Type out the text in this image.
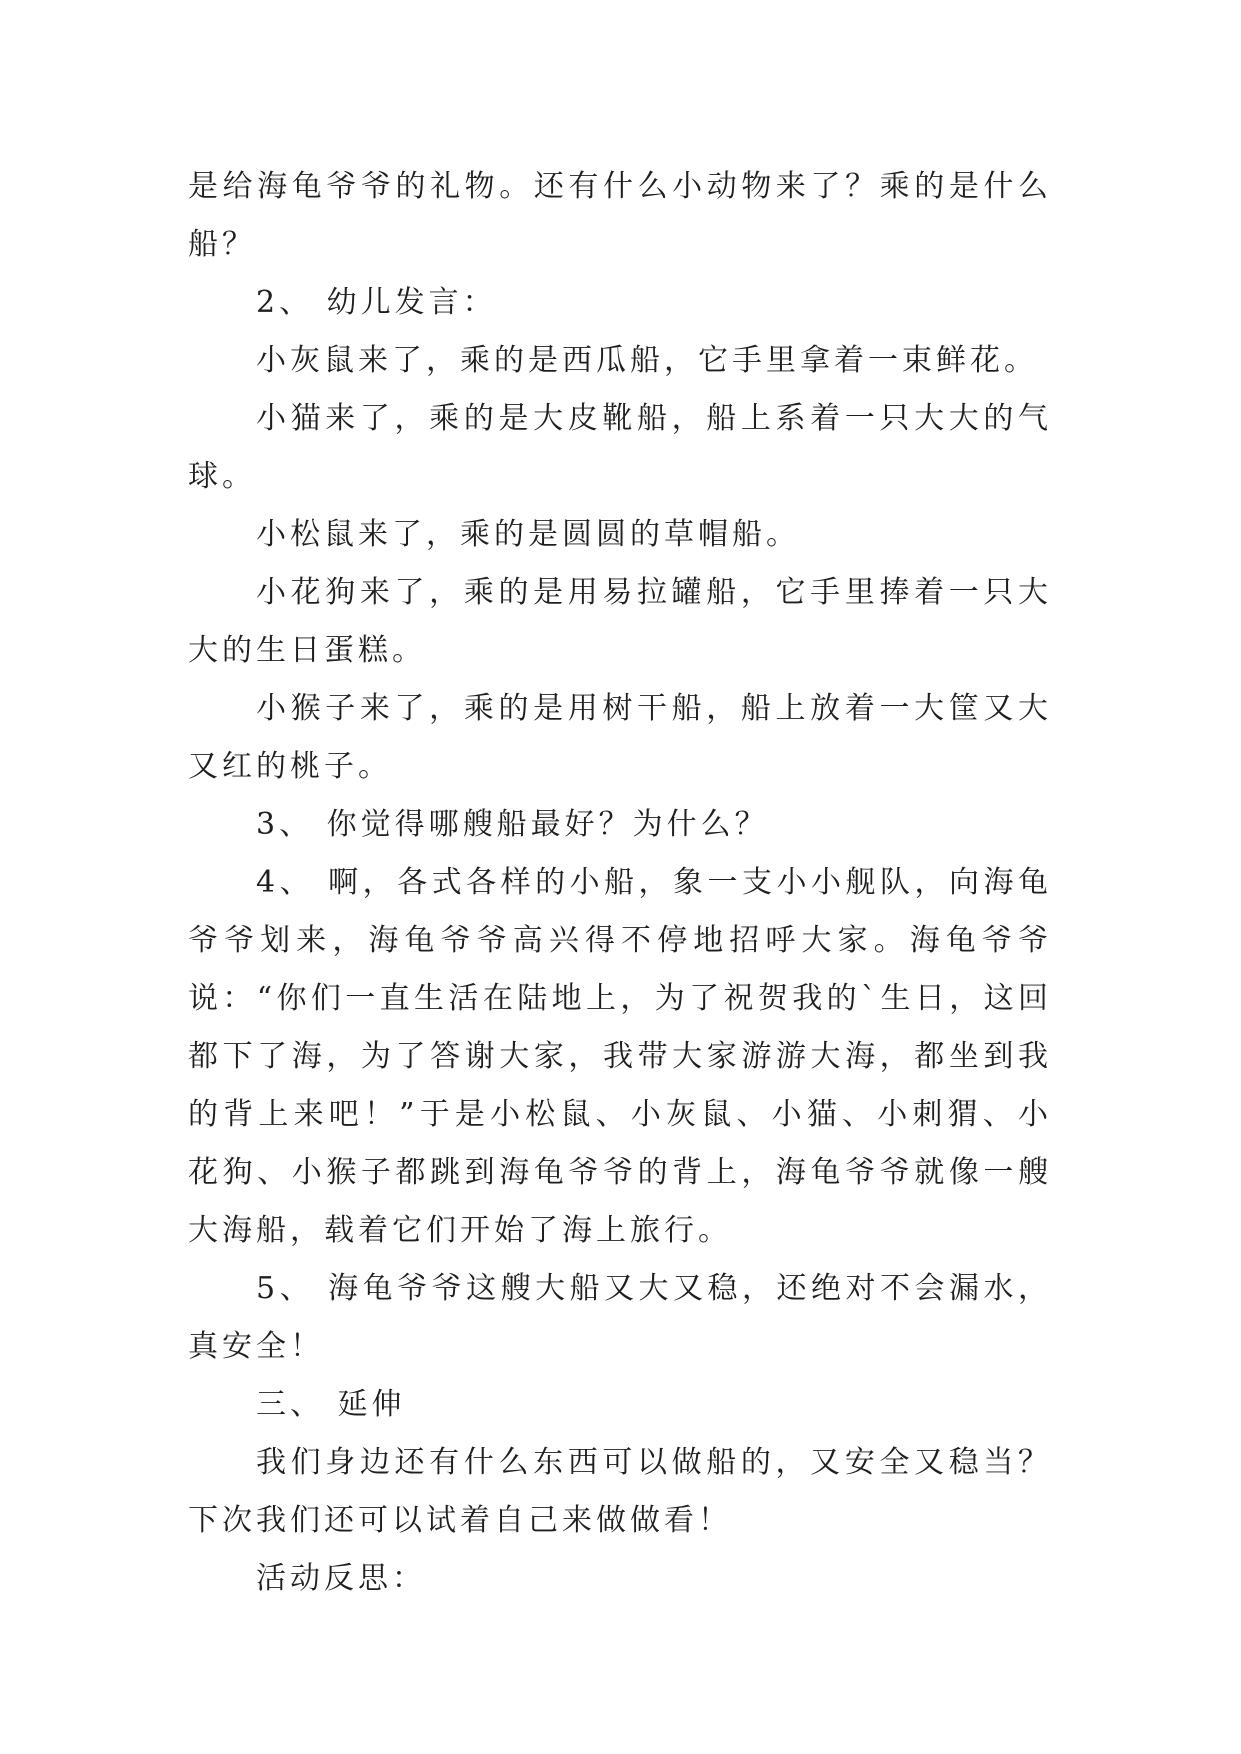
是给海龟爷爷的礼物。还有什么小动物来了？乘的是什么船？

2、 幼儿发言：

小灰鼠来了，乘的是西瓜船，它手里拿着一束鲜花。

小猫来了，乘的是大皮靴船，船上系着一只大大的气球。

小松鼠来了，乘的是圆圆的草帽船。

小花狗来了，乘的是用易拉罐船，它手里捧着一只大大的生日蛋糕。

小猴子来了，乘的是用树干船，船上放着一大筐又大又红的桃子。

3、 你觉得哪艘船最好？为什么？

4、 啊，各式各样的小船，象一支小小舰队，向海龟爷爷划来，海龟爷爷高兴得不停地招呼大家。海龟爷爷说：“你们一直生活在陆地上，为了祝贺我的`生日，这回都下了海，为了答谢大家，我带大家游游大海，都坐到我的背上来吧！”于是小松鼠、小灰鼠、小猫、小刺猬、小花狗、小猴子都跳到海龟爷爷的背上，海龟爷爷就像一艘大海船，载着它们开始了海上旅行。

5、 海龟爷爷这艘大船又大又稳，还绝对不会漏水，真安全！

三、 延伸

我们身边还有什么东西可以做船的，又安全又稳当？下次我们还可以试着自己来做做看！

活动反思：
